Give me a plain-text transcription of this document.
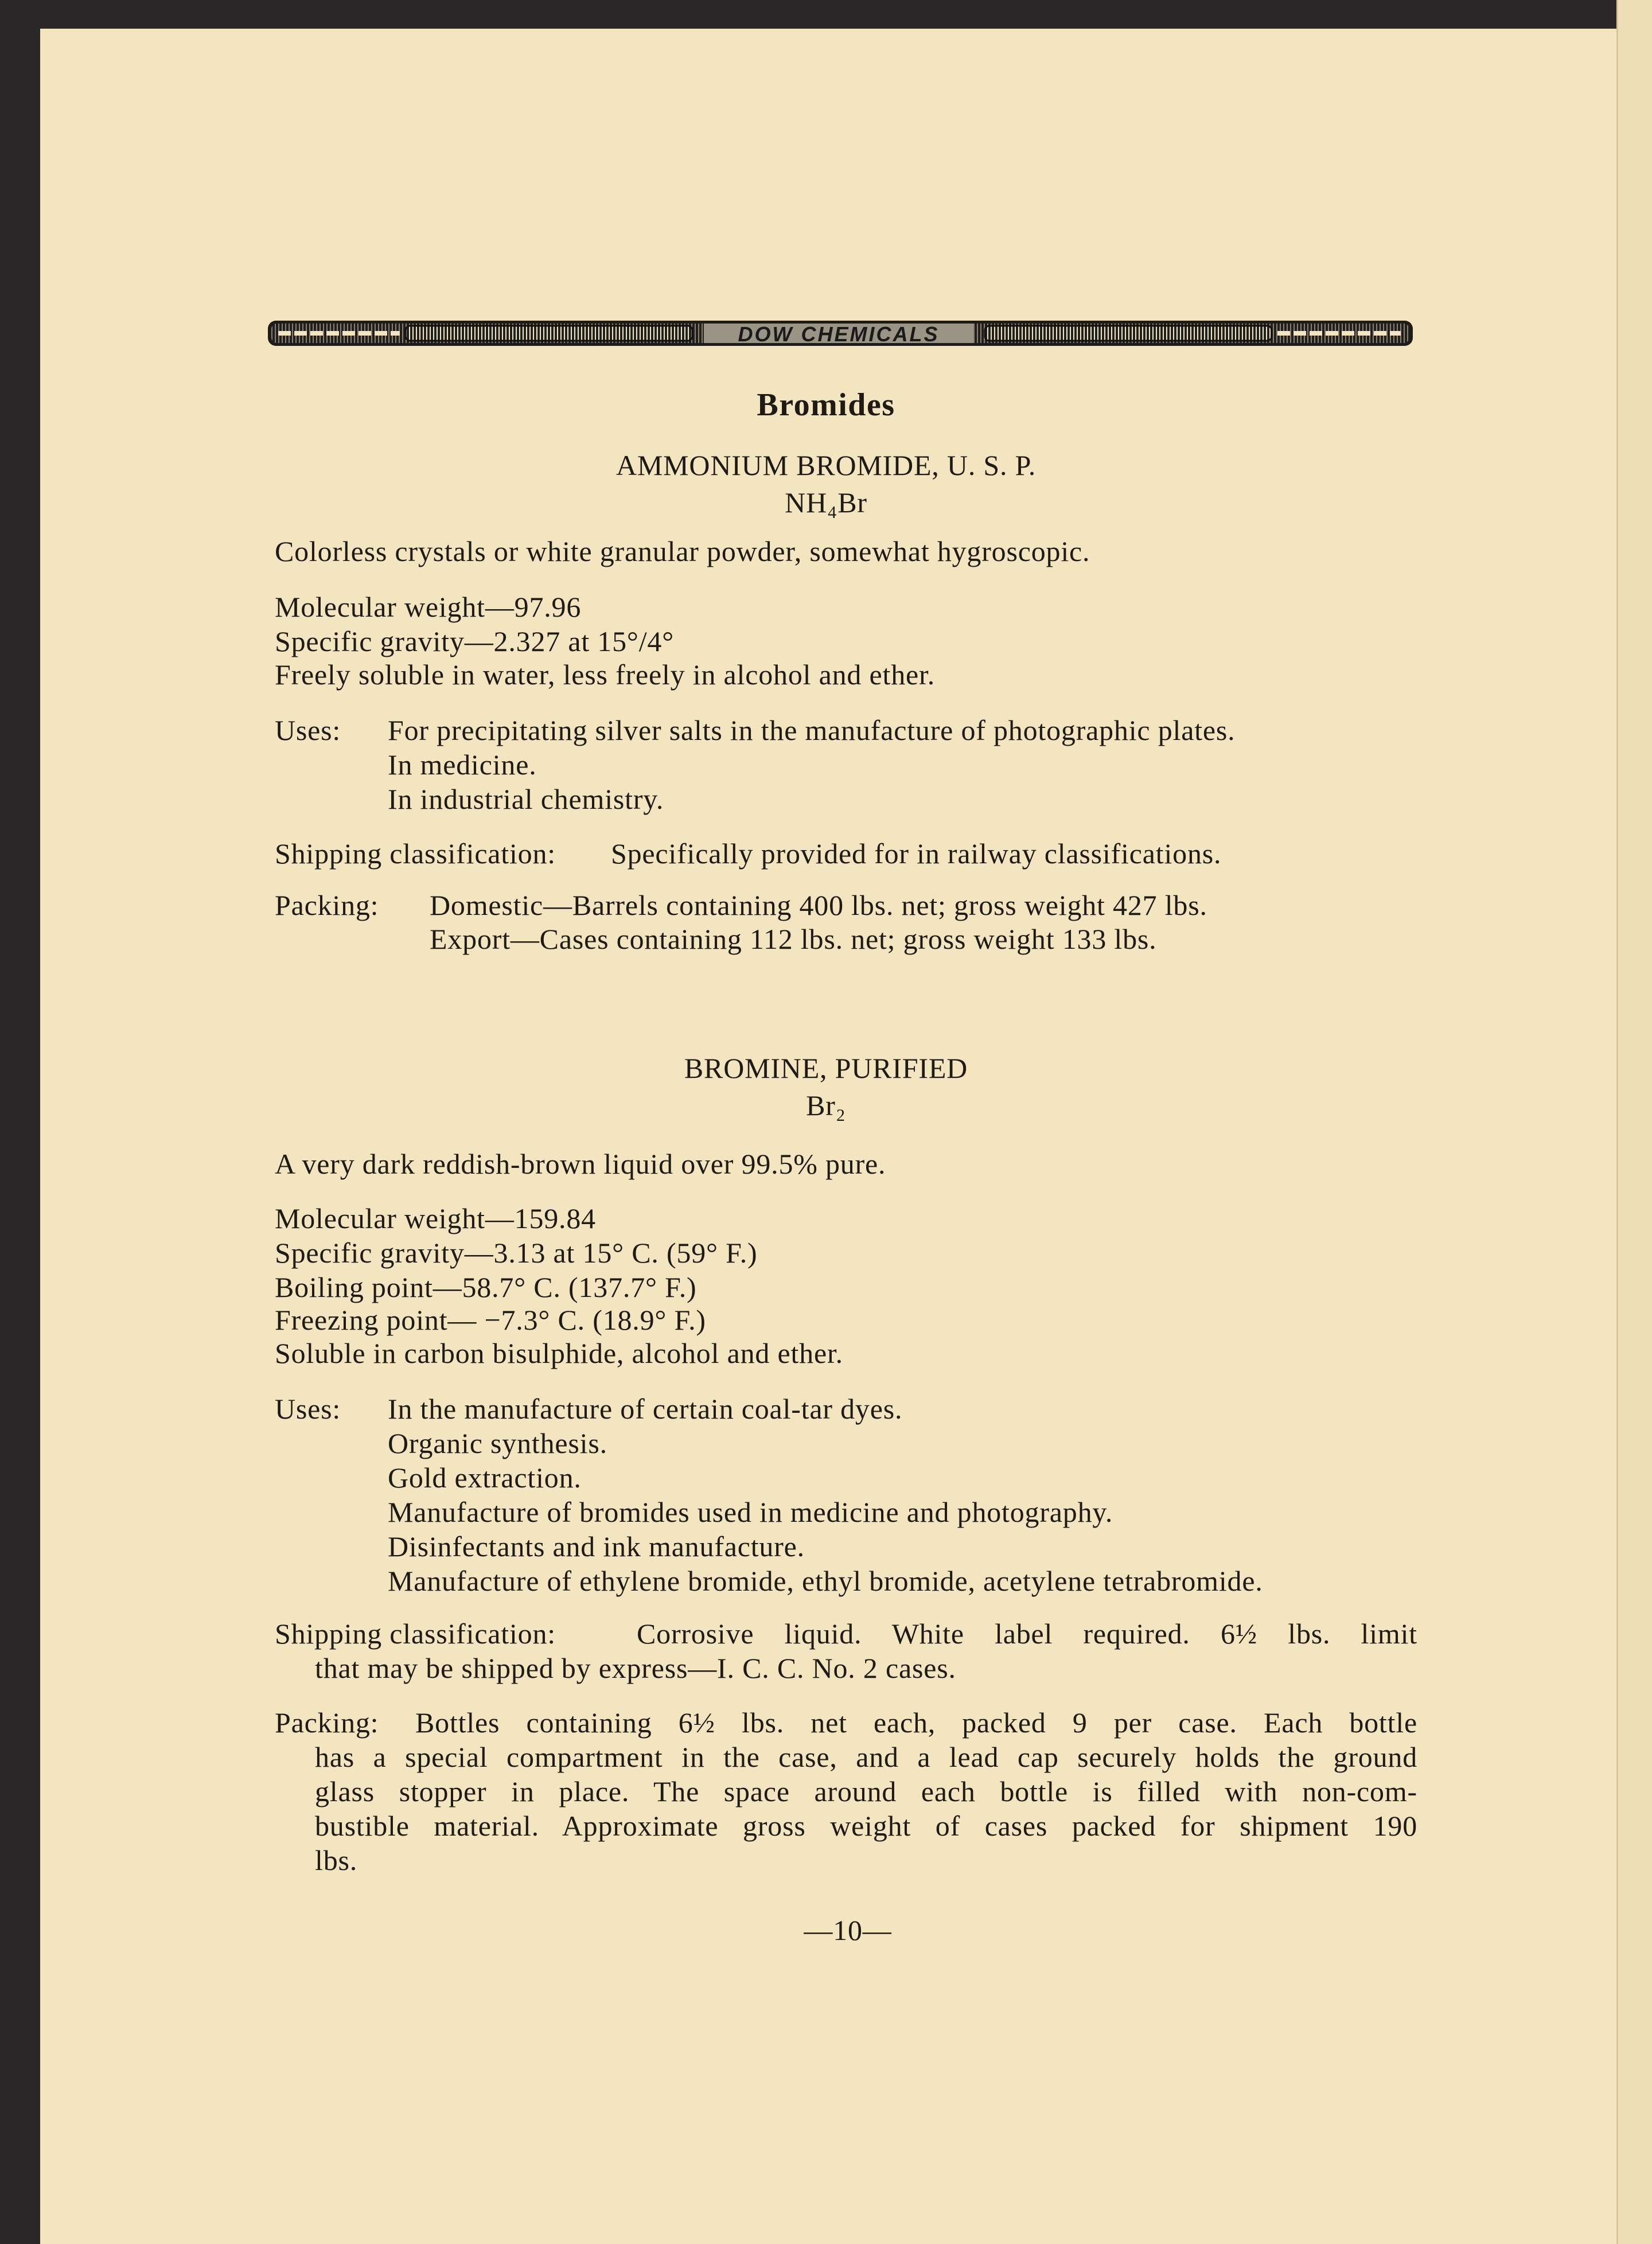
DOW CHEMICALS
Bromides
AMMONIUM BROMIDE, U. S. P.
NH₄Br
Colorless crystals or white granular powder, somewhat hygroscopic.
Molecular weight—97.96
Specific gravity—2.327 at 15°/4°
Freely soluble in water, less freely in alcohol and ether.
Uses: For precipitating silver salts in the manufacture of photographic plates.
In medicine.
In industrial chemistry.
Shipping classification: Specifically provided for in railway classifications.
Packing: Domestic—Barrels containing 400 lbs. net; gross weight 427 lbs.
Export—Cases containing 112 lbs. net; gross weight 133 lbs.
BROMINE, PURIFIED
Br₂
A very dark reddish-brown liquid over 99.5% pure.
Molecular weight—159.84
Specific gravity—3.13 at 15° C. (59° F.)
Boiling point—58.7° C. (137.7° F.)
Freezing point— −7.3° C. (18.9° F.)
Soluble in carbon bisulphide, alcohol and ether.
Uses: In the manufacture of certain coal-tar dyes.
Organic synthesis.
Gold extraction.
Manufacture of bromides used in medicine and photography.
Disinfectants and ink manufacture.
Manufacture of ethylene bromide, ethyl bromide, acetylene tetrabromide.
Shipping classification:	Corrosive liquid. White label required. 6½ lbs. limit
that may be shipped by express—I. C. C. No. 2 cases.
Packing: Bottles containing 6½ lbs. net each, packed 9 per case. Each bottle
has a special compartment in the case, and a lead cap securely holds the ground
glass stopper in place. The space around each bottle is filled with non-com-
bustible material. Approximate gross weight of cases packed for shipment 190
lbs.
—10—
